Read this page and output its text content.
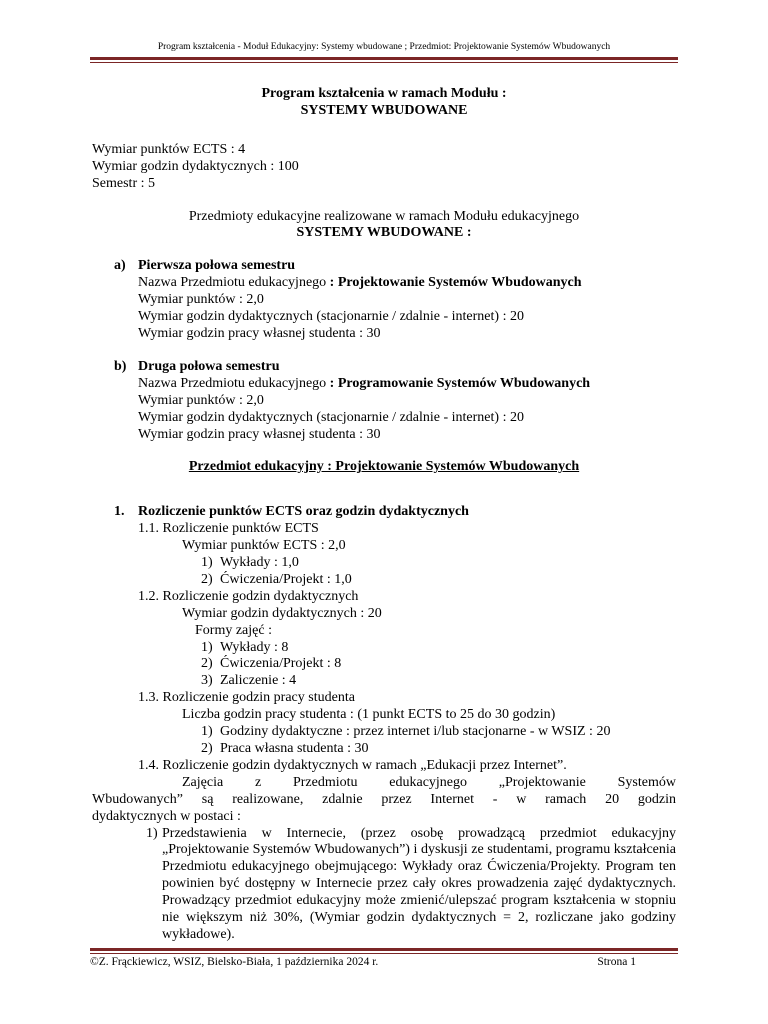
Program kształcenia - Moduł Edukacyjny: Systemy wbudowane ; Przedmiot: Projektowanie Systemów Wbudowanych
Program kształcenia w ramach Modułu :
SYSTEMY WBUDOWANE
Wymiar punktów ECTS : 4
Wymiar godzin dydaktycznych : 100
Semestr : 5
Przedmioty edukacyjne realizowane w ramach Modułu edukacyjnego
SYSTEMY WBUDOWANE :
a) Pierwsza połowa semestru
Nazwa Przedmiotu edukacyjnego : Projektowanie Systemów Wbudowanych
Wymiar punktów : 2,0
Wymiar godzin dydaktycznych (stacjonarnie / zdalnie - internet) : 20
Wymiar godzin pracy własnej studenta : 30
b) Druga połowa semestru
Nazwa Przedmiotu edukacyjnego : Programowanie Systemów Wbudowanych
Wymiar punktów : 2,0
Wymiar godzin dydaktycznych (stacjonarnie / zdalnie - internet) : 20
Wymiar godzin pracy własnej studenta : 30
Przedmiot edukacyjny : Projektowanie Systemów Wbudowanych
1. Rozliczenie punktów ECTS oraz godzin dydaktycznych
1.1. Rozliczenie punktów ECTS
Wymiar punktów ECTS : 2,0
1) Wykłady : 1,0
2) Ćwiczenia/Projekt : 1,0
1.2. Rozliczenie godzin dydaktycznych
Wymiar godzin dydaktycznych : 20
Formy zajęć :
1) Wykłady : 8
2) Ćwiczenia/Projekt : 8
3) Zaliczenie : 4
1.3. Rozliczenie godzin pracy studenta
Liczba godzin pracy studenta : (1 punkt ECTS to 25 do 30 godzin)
1) Godziny dydaktyczne : przez internet i/lub stacjonarne - w WSIZ : 20
2) Praca własna studenta : 30
1.4. Rozliczenie godzin dydaktycznych w ramach „Edukacji przez Internet”.
Zajęcia z Przedmiotu edukacyjnego „Projektowanie Systemów
Wbudowanych” są realizowane, zdalnie przez Internet - w ramach 20 godzin
dydaktycznych w postaci :
1) Przedstawienia w Internecie, (przez osobę prowadzącą przedmiot edukacyjny „Projektowanie Systemów Wbudowanych”) i dyskusji ze studentami, programu kształcenia Przedmiotu edukacyjnego obejmującego: Wykłady oraz Ćwiczenia/Projekty. Program ten powinien być dostępny w Internecie przez cały okres prowadzenia zajęć dydaktycznych. Prowadzący przedmiot edukacyjny może zmienić/ulepszać program kształcenia w stopniu nie większym niż 30%, (Wymiar godzin dydaktycznych = 2, rozliczane jako godziny wykładowe).
©Z. Frąckiewicz, WSIZ, Bielsko-Biała, 1 października 2024 r.	Strona 1
